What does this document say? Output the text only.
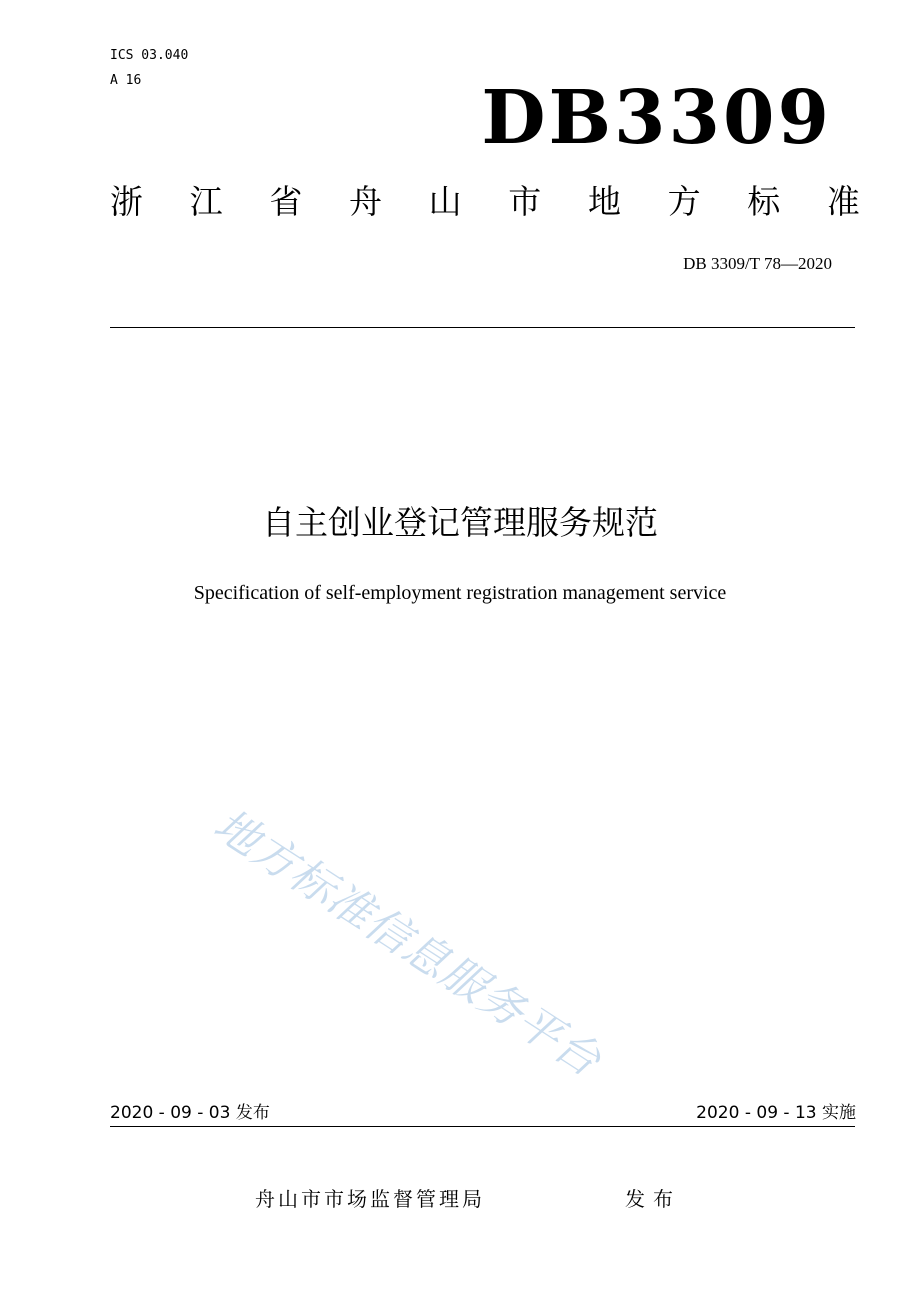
ICS 03.040
A 16	DB3309
浙 江 省 舟 山 市 地 方 标 准
DB 3309/T 78—2020
自主创业登记管理服务规范
Specification of self-employment registration management service
地方标准信息服务平台
2020 - 09 - 03 发布	2020 - 09 - 13 实施
舟山市市场监督管理局	发布
